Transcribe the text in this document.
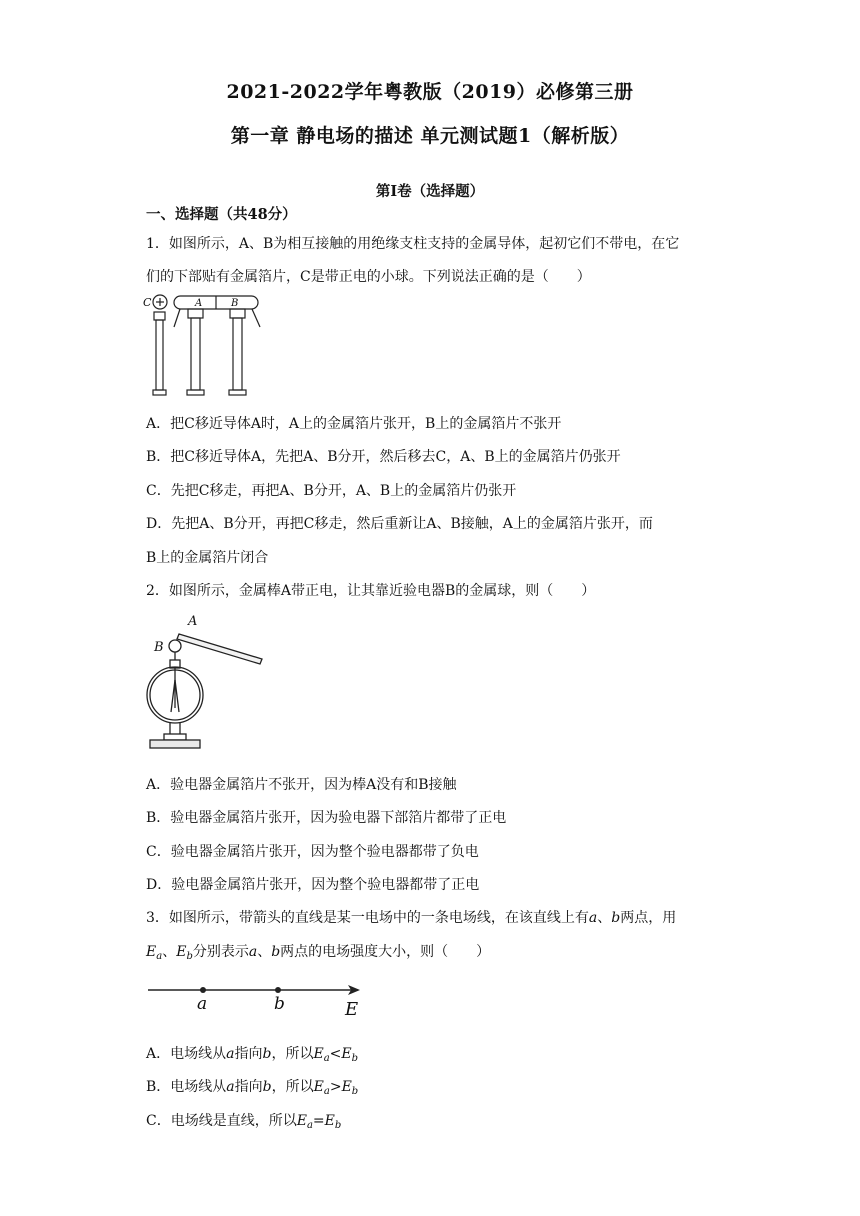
2021-2022学年粤教版（2019）必修第三册
第一章 静电场的描述 单元测试题1（解析版）
第Ⅰ卷（选择题）
一、选择题（共48分）
1．如图所示，A、B为相互接触的用绝缘支柱支持的金属导体，起初它们不带电，在它
们的下部贴有金属箔片，C是带正电的小球。下列说法正确的是（　　）
C	A	B
A．把C移近导体A时，A上的金属箔片张开，B上的金属箔片不张开
B．把C移近导体A，先把A、B分开，然后移去C，A、B上的金属箔片仍张开
C．先把C移走，再把A、B分开，A、B上的金属箔片仍张开
D．先把A、B分开，再把C移走，然后重新让A、B接触，A上的金属箔片张开，而
B上的金属箔片闭合
2．如图所示，金属棒A带正电，让其靠近验电器B的金属球，则（　　）
A
B
A．验电器金属箔片不张开，因为棒A没有和B接触
B．验电器金属箔片张开，因为验电器下部箔片都带了正电
C．验电器金属箔片张开，因为整个验电器都带了负电
D．验电器金属箔片张开，因为整个验电器都带了正电
3．如图所示，带箭头的直线是某一电场中的一条电场线，在该直线上有a、b两点，用
$E_a$、$E_b$分别表示a、b两点的电场强度大小，则（　　）
a	b	E
A．电场线从a指向b，所以$E_a<E_b$
B．电场线从a指向b，所以$E_a>E_b$
C．电场线是直线，所以$E_a=E_b$
